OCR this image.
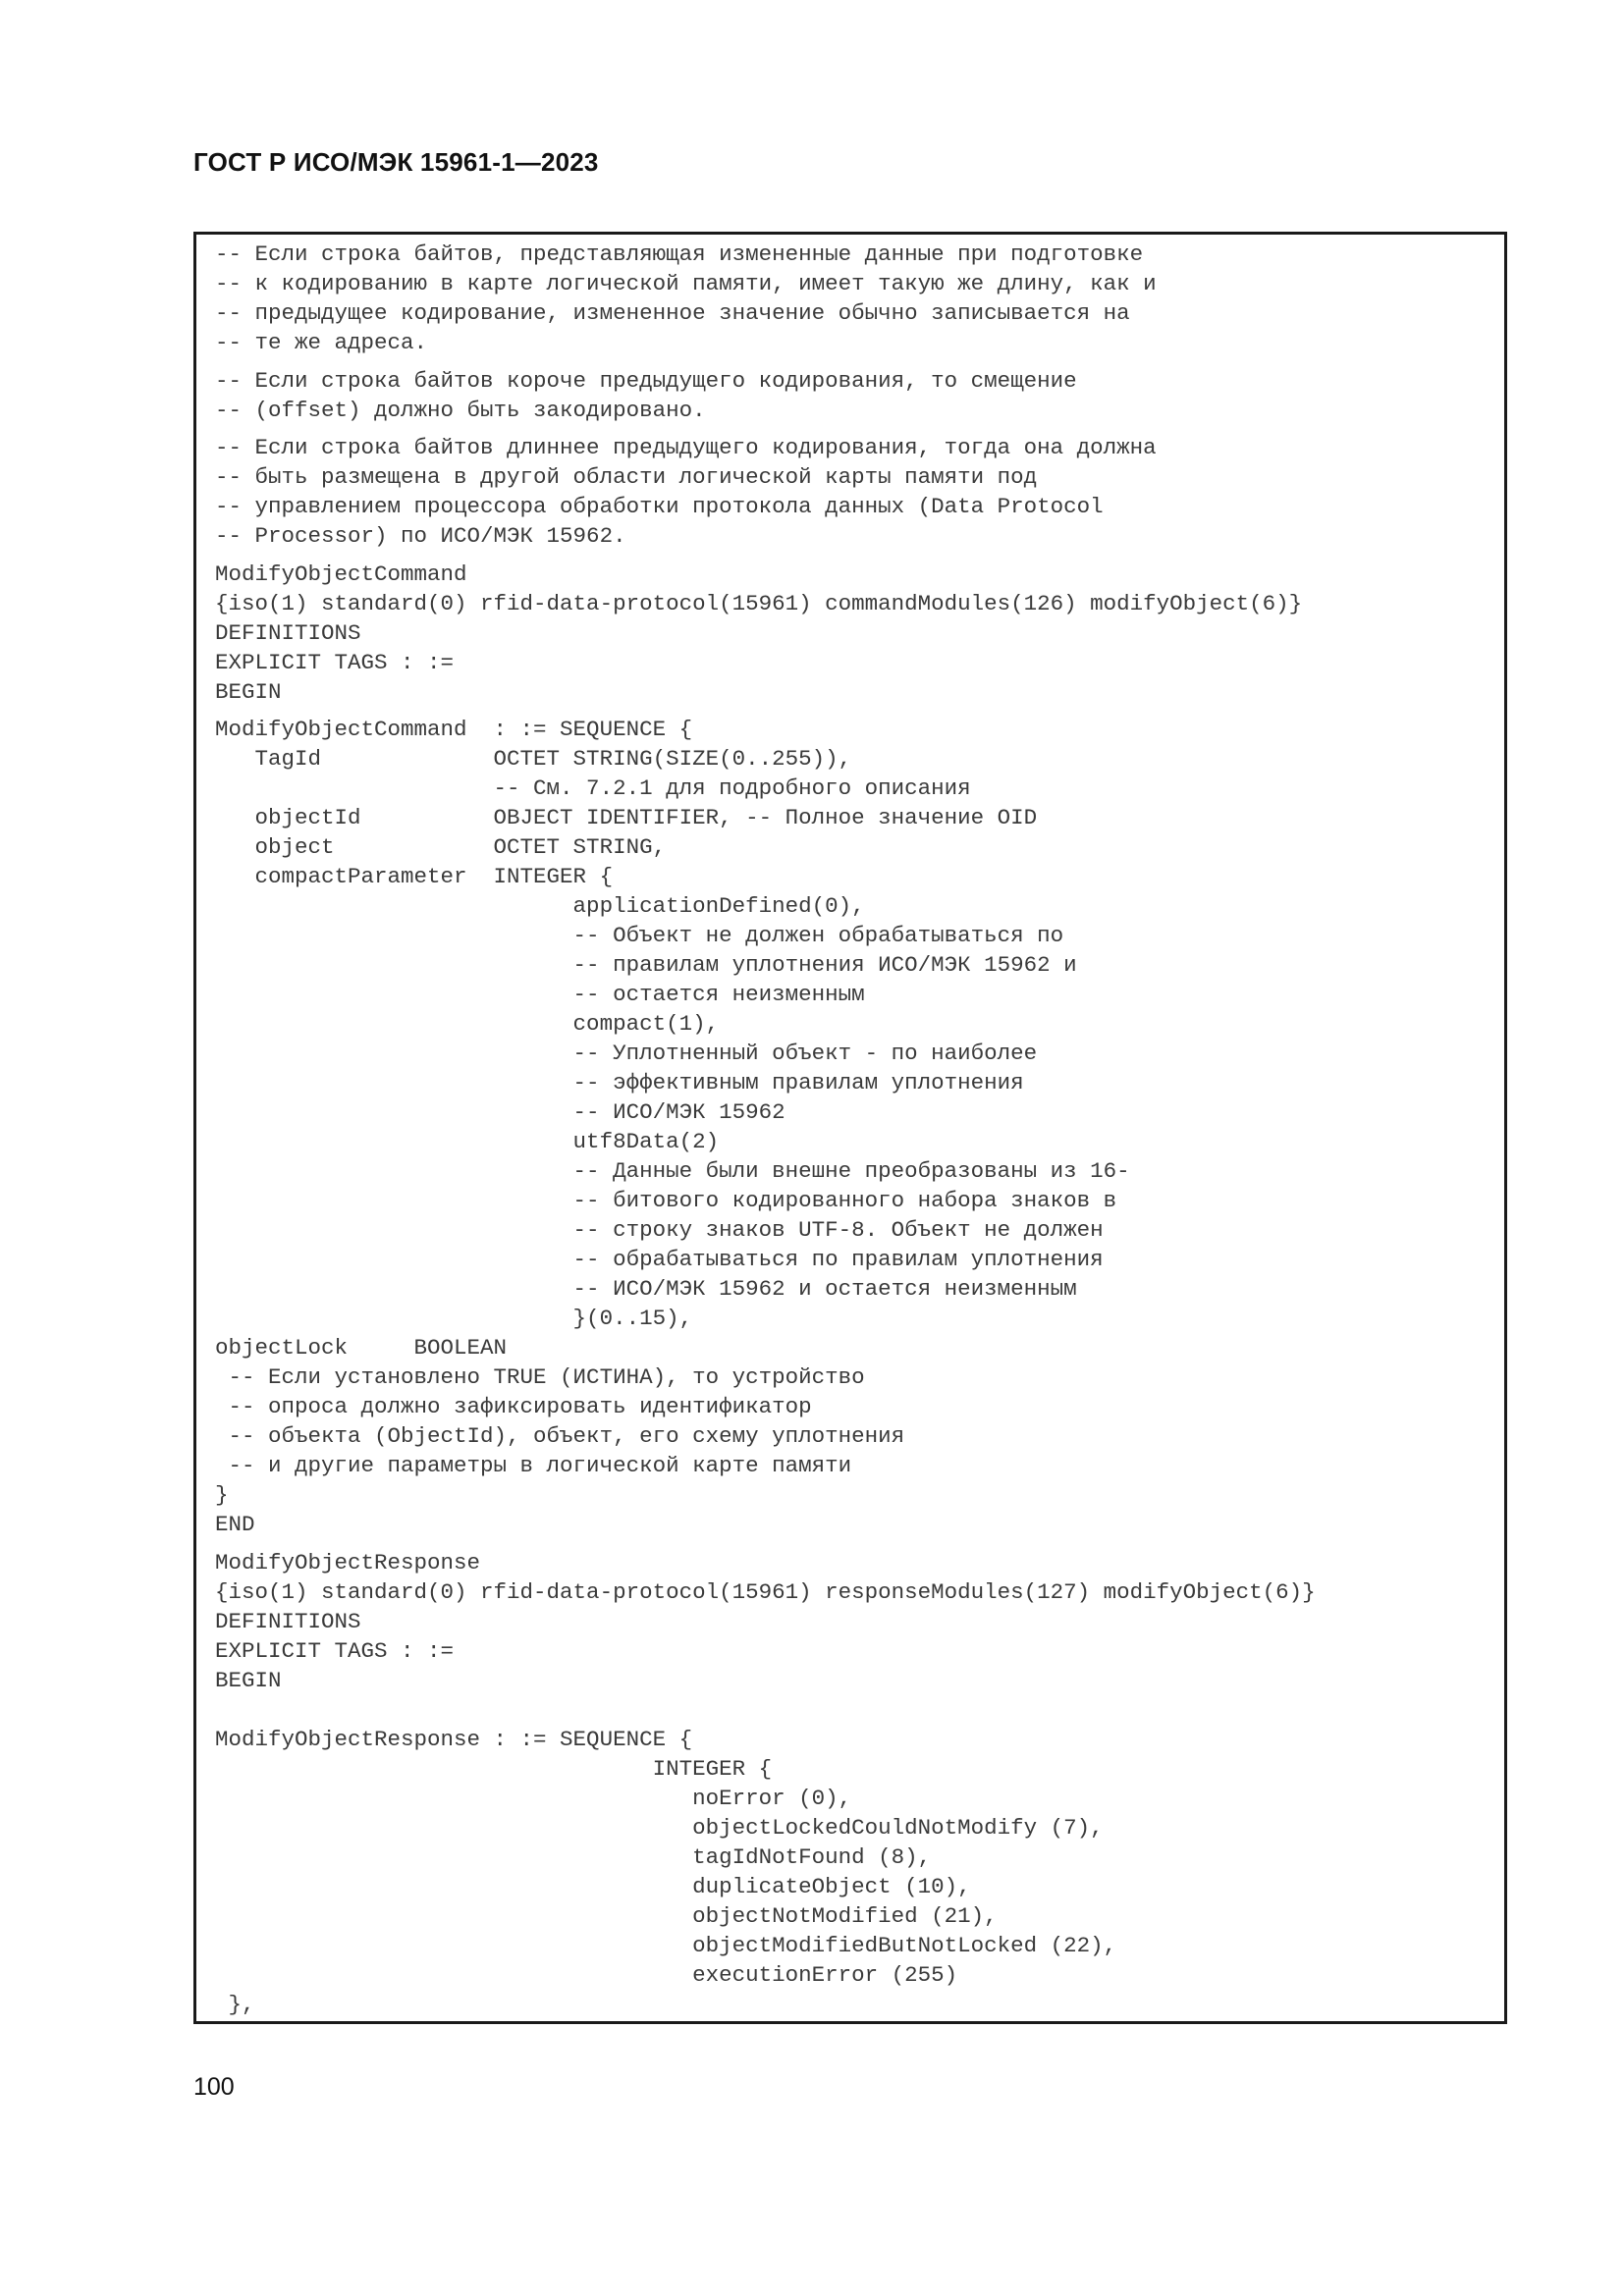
ГОСТ Р ИСО/МЭК 15961-1—2023
-- Если строка байтов, представляющая измененные данные при подготовке
-- к кодированию в карте логической памяти, имеет такую же длину, как и
-- предыдущее кодирование, измененное значение обычно записывается на
-- те же адреса.
-- Если строка байтов короче предыдущего кодирования, то смещение
-- (offset) должно быть закодировано.
-- Если строка байтов длиннее предыдущего кодирования, тогда она должна
-- быть размещена в другой области логической карты памяти под
-- управлением процессора обработки протокола данных (Data Protocol
-- Processor) по ИСО/МЭК 15962.
ModifyObjectCommand
{iso(1) standard(0) rfid-data-protocol(15961) commandModules(126) modifyObject(6)}
DEFINITIONS
EXPLICIT TAGS : :=
BEGIN
ModifyObjectCommand  : := SEQUENCE {
TagId             OCTET STRING(SIZE(0..255)),
-- См. 7.2.1 для подробного описания
objectId          OBJECT IDENTIFIER, -- Полное значение OID
object            OCTET STRING,
compactParameter  INTEGER {
applicationDefined(0),
-- Объект не должен обрабатываться по
-- правилам уплотнения ИСО/МЭК 15962 и
-- остается неизменным
compact(1),
-- Уплотненный объект - по наиболее
-- эффективным правилам уплотнения
-- ИСО/МЭК 15962
utf8Data(2)
-- Данные были внешне преобразованы из 16-
-- битового кодированного набора знаков в
-- строку знаков UTF-8. Объект не должен
-- обрабатываться по правилам уплотнения
-- ИСО/МЭК 15962 и остается неизменным
}(0..15),
objectLock     BOOLEAN
-- Если установлено TRUE (ИСТИНА), то устройство
-- опроса должно зафиксировать идентификатор
-- объекта (ObjectId), объект, его схему уплотнения
-- и другие параметры в логической карте памяти
}
END
ModifyObjectResponse
{iso(1) standard(0) rfid-data-protocol(15961) responseModules(127) modifyObject(6)}
DEFINITIONS
EXPLICIT TAGS : :=
BEGIN

ModifyObjectResponse : := SEQUENCE {
INTEGER {
noError (0),
objectLockedCouldNotModify (7),
tagIdNotFound (8),
duplicateObject (10),
objectNotModified (21),
objectModifiedButNotLocked (22),
executionError (255)
},
100
